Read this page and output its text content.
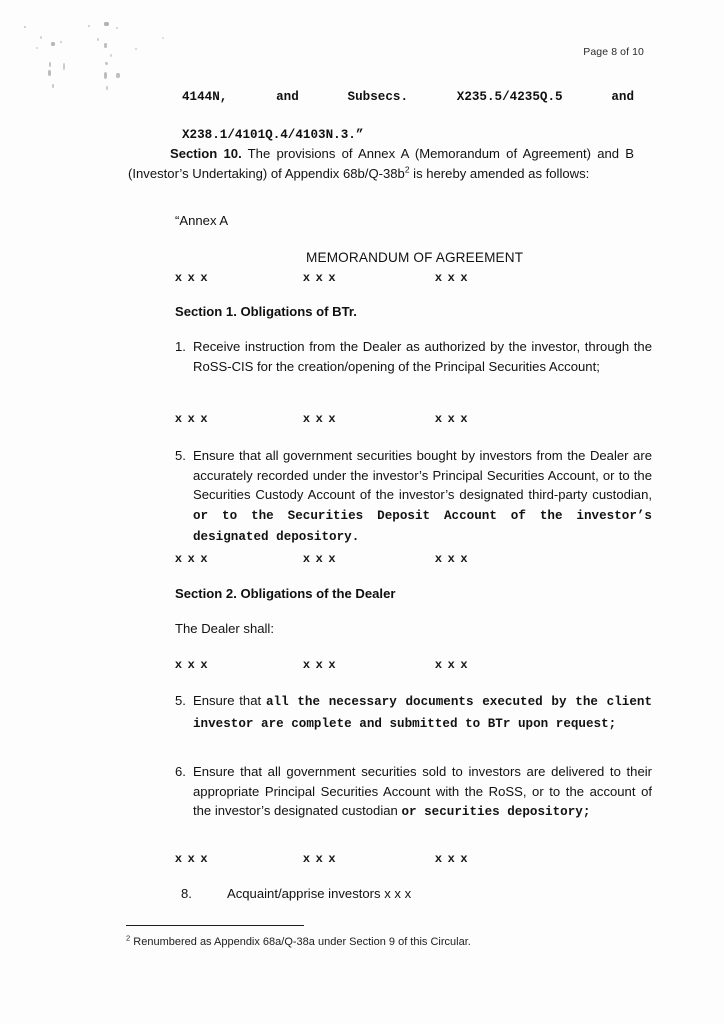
Page 8 of 10
4144N, and Subsecs. X235.5/4235Q.5 and
X238.1/4101Q.4/4103N.3.”
Section 10. The provisions of Annex A (Memorandum of Agreement) and B (Investor’s Undertaking) of Appendix $68b/Q-38b^2$ is hereby amended as follows:
“Annex A
MEMORANDUM OF AGREEMENT
x x x	x x x	x x x
Section 1. Obligations of BTr.
1. Receive instruction from the Dealer as authorized by the investor, through the RoSS-CIS for the creation/opening of the Principal Securities Account;
x x x	x x x	x x x
5. Ensure that all government securities bought by investors from the Dealer are accurately recorded under the investor’s Principal Securities Account, or to the Securities Custody Account of the investor’s designated third-party custodian, or to the Securities Deposit Account of the investor’s designated depository.
x x x	x x x	x x x
Section 2. Obligations of the Dealer
The Dealer shall:
x x x	x x x	x x x
5. Ensure that all the necessary documents executed by the client investor are complete and submitted to BTr upon request;
6. Ensure that all government securities sold to investors are delivered to their appropriate Principal Securities Account with the RoSS, or to the account of the investor’s designated custodian or securities depository;
x x x	x x x	x x x
8.	Acquaint/apprise investors x x x
$^2$ Renumbered as Appendix 68a/Q-38a under Section 9 of this Circular.
